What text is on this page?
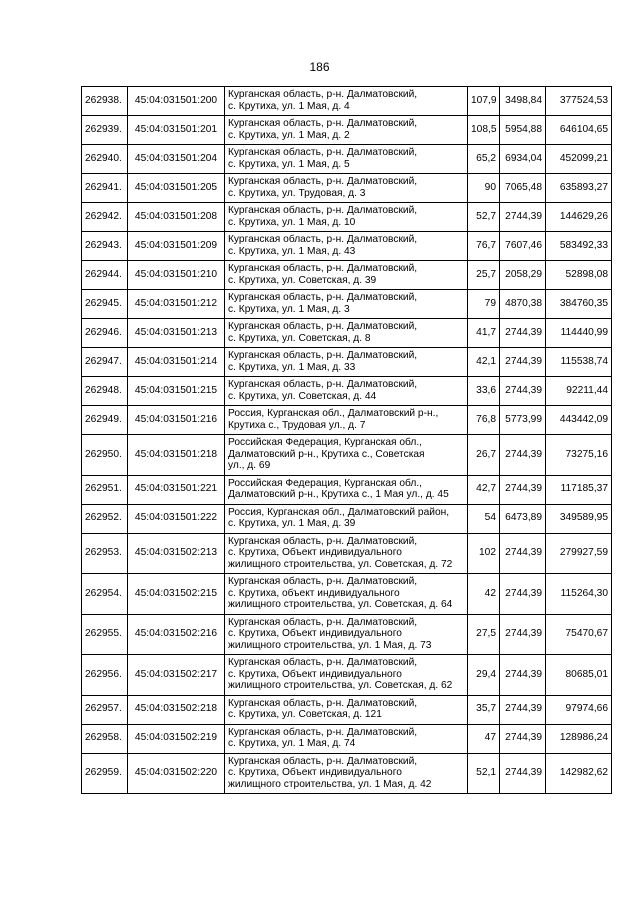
186
262938.	45:04:031501:200	Курганская область, р-н. Далматовский,
с. Крутиха, ул. 1 Мая, д. 4	107,9	3498,84	377524,53
262939.	45:04:031501:201	Курганская область, р-н. Далматовский,
с. Крутиха, ул. 1 Мая, д. 2	108,5	5954,88	646104,65
262940.	45:04:031501:204	Курганская область, р-н. Далматовский,
с. Крутиха, ул. 1 Мая, д. 5	65,2	6934,04	452099,21
262941.	45:04:031501:205	Курганская область, р-н. Далматовский,
с. Крутиха, ул. Трудовая, д. 3	90	7065,48	635893,27
262942.	45:04:031501:208	Курганская область, р-н. Далматовский,
с. Крутиха, ул. 1 Мая, д. 10	52,7	2744,39	144629,26
262943.	45:04:031501:209	Курганская область, р-н. Далматовский,
с. Крутиха, ул. 1 Мая, д. 43	76,7	7607,46	583492,33
262944.	45:04:031501:210	Курганская область, р-н. Далматовский,
с. Крутиха, ул. Советская, д. 39	25,7	2058,29	52898,08
262945.	45:04:031501:212	Курганская область, р-н. Далматовский,
с. Крутиха, ул. 1 Мая, д. 3	79	4870,38	384760,35
262946.	45:04:031501:213	Курганская область, р-н. Далматовский,
с. Крутиха, ул. Советская, д. 8	41,7	2744,39	114440,99
262947.	45:04:031501:214	Курганская область, р-н. Далматовский,
с. Крутиха, ул. 1 Мая, д. 33	42,1	2744,39	115538,74
262948.	45:04:031501:215	Курганская область, р-н. Далматовский,
с. Крутиха, ул. Советская, д. 44	33,6	2744,39	92211,44
262949.	45:04:031501:216	Россия, Курганская обл., Далматовский р-н.,
Крутиха с., Трудовая ул., д. 7	76,8	5773,99	443442,09
262950.	45:04:031501:218	Российская Федерация, Курганская обл.,
Далматовский р-н., Крутиха с., Советская
ул., д. 69	26,7	2744,39	73275,16
262951.	45:04:031501:221	Российская Федерация, Курганская обл.,
Далматовский р-н., Крутиха с., 1 Мая ул., д. 45	42,7	2744,39	117185,37
262952.	45:04:031501:222	Россия, Курганская обл., Далматовский район,
с. Крутиха, ул. 1 Мая, д. 39	54	6473,89	349589,95
262953.	45:04:031502:213	Курганская область, р-н. Далматовский,
с. Крутиха, Объект индивидуального
жилищного строительства, ул. Советская, д. 72	102	2744,39	279927,59
262954.	45:04:031502:215	Курганская область, р-н. Далматовский,
с. Крутиха, объект индивидуального
жилищного строительства, ул. Советская, д. 64	42	2744,39	115264,30
262955.	45:04:031502:216	Курганская область, р-н. Далматовский,
с. Крутиха, Объект индивидуального
жилищного строительства, ул. 1 Мая, д. 73	27,5	2744,39	75470,67
262956.	45:04:031502:217	Курганская область, р-н. Далматовский,
с. Крутиха, Объект индивидуального
жилищного строительства, ул. Советская, д. 62	29,4	2744,39	80685,01
262957.	45:04:031502:218	Курганская область, р-н. Далматовский,
с. Крутиха, ул. Советская, д. 121	35,7	2744,39	97974,66
262958.	45:04:031502:219	Курганская область, р-н. Далматовский,
с. Крутиха, ул. 1 Мая, д. 74	47	2744,39	128986,24
262959.	45:04:031502:220	Курганская область, р-н. Далматовский,
с. Крутиха, Объект индивидуального
жилищного строительства, ул. 1 Мая, д. 42	52,1	2744,39	142982,62
